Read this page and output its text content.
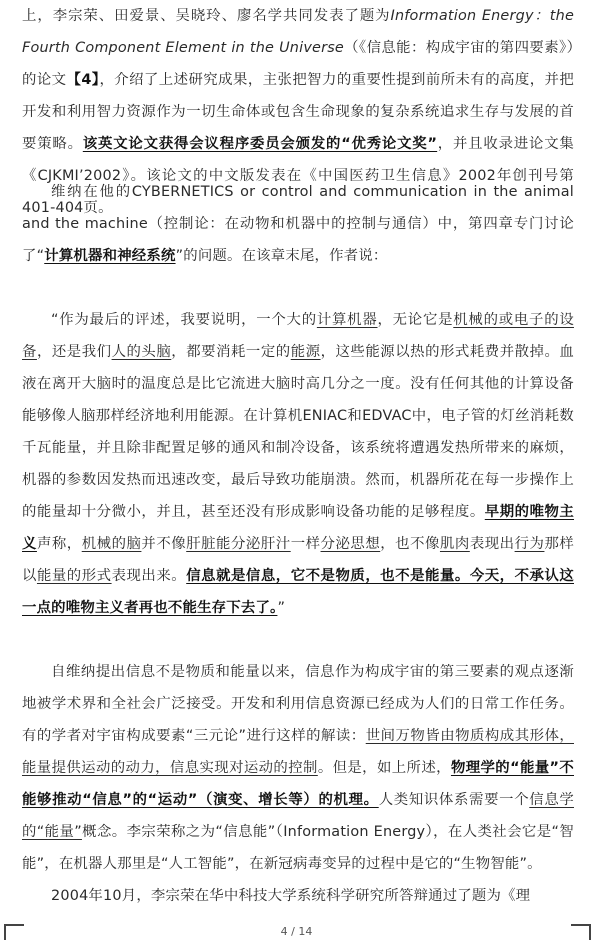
上，李宗荣、田爱景、吴晓玲、廖名学共同发表了题为Information Energy：the Fourth Component Element in the Universe（《信息能：构成宇宙的第四要素》）的论文【4】，介绍了上述研究成果，主张把智力的重要性提到前所未有的高度，并把开发和利用智力资源作为一切生命体或包含生命现象的复杂系统追求生存与发展的首要策略。该英文论文获得会议程序委员会颁发的“优秀论文奖”，并且收录进论文集《CJKMI’2002》。该论文的中文版发表在《中国医药卫生信息》2002年创刊号第401-404页。

维纳在他的CYBERNETICS or control and communication in the animal and the machine（控制论：在动物和机器中的控制与通信）中，第四章专门讨论了“计算机器和神经系统”的问题。在该章末尾，作者说：

“作为最后的评述，我要说明，一个大的计算机器，无论它是机械的或电子的设备，还是我们人的头脑，都要消耗一定的能源，这些能源以热的形式耗费并散掉。血液在离开大脑时的温度总是比它流进大脑时高几分之一度。没有任何其他的计算设备能够像人脑那样经济地利用能源。在计算机ENIAC和EDVAC中，电子管的灯丝消耗数千瓦能量，并且除非配置足够的通风和制冷设备，该系统将遭遇发热所带来的麻烦，机器的参数因发热而迅速改变，最后导致功能崩溃。然而，机器所花在每一步操作上的能量却十分微小，并且，甚至还没有形成影响设备功能的足够程度。早期的唯物主义声称，机械的脑并不像肝脏能分泌肝汁一样分泌思想，也不像肌肉表现出行为那样以能量的形式表现出来。信息就是信息，它不是物质，也不是能量。今天，不承认这一点的唯物主义者再也不能生存下去了。”

自维纳提出信息不是物质和能量以来，信息作为构成宇宙的第三要素的观点逐渐地被学术界和全社会广泛接受。开发和利用信息资源已经成为人们的日常工作任务。有的学者对宇宙构成要素“三元论”进行这样的解读：世间万物皆由物质构成其形体，能量提供运动的动力，信息实现对运动的控制。但是，如上所述，物理学的“能量”不能够推动“信息”的“运动”（演变、增长等）的机理。人类知识体系需要一个信息学的“能量”概念。李宗荣称之为“信息能”（Information Energy），在人类社会它是“智能”，在机器人那里是“人工智能”，在新冠病毒变异的过程中是它的“生物智能”。

2004年10月，李宗荣在华中科技大学系统科学研究所答辩通过了题为《理

4 / 14
